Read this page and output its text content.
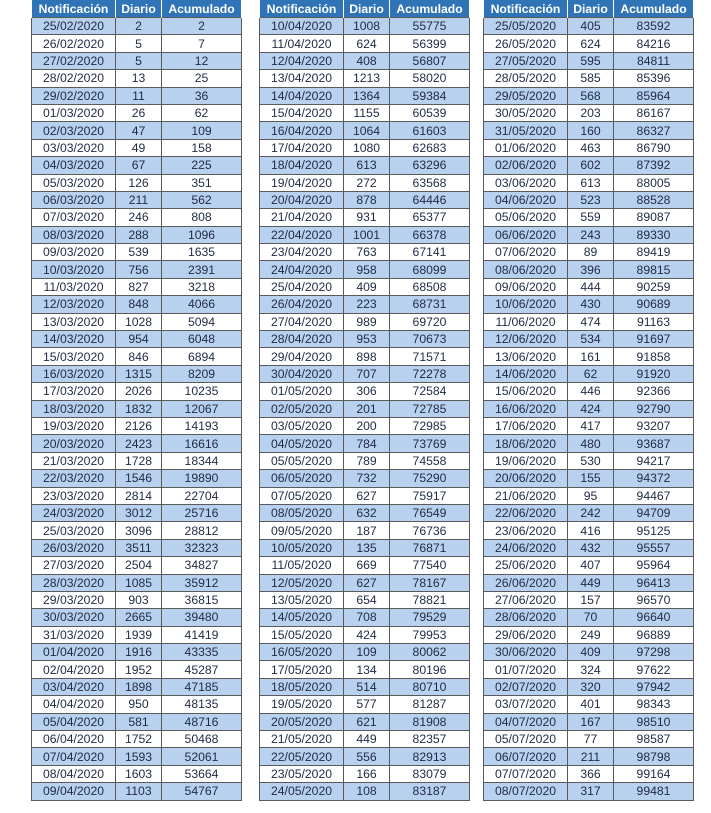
Notificación	Diario	Acumulado
25/02/2020	2	2
26/02/2020	5	7
27/02/2020	5	12
28/02/2020	13	25
29/02/2020	11	36
01/03/2020	26	62
02/03/2020	47	109
03/03/2020	49	158
04/03/2020	67	225
05/03/2020	126	351
06/03/2020	211	562
07/03/2020	246	808
08/03/2020	288	1096
09/03/2020	539	1635
10/03/2020	756	2391
11/03/2020	827	3218
12/03/2020	848	4066
13/03/2020	1028	5094
14/03/2020	954	6048
15/03/2020	846	6894
16/03/2020	1315	8209
17/03/2020	2026	10235
18/03/2020	1832	12067
19/03/2020	2126	14193
20/03/2020	2423	16616
21/03/2020	1728	18344
22/03/2020	1546	19890
23/03/2020	2814	22704
24/03/2020	3012	25716
25/03/2020	3096	28812
26/03/2020	3511	32323
27/03/2020	2504	34827
28/03/2020	1085	35912
29/03/2020	903	36815
30/03/2020	2665	39480
31/03/2020	1939	41419
01/04/2020	1916	43335
02/04/2020	1952	45287
03/04/2020	1898	47185
04/04/2020	950	48135
05/04/2020	581	48716
06/04/2020	1752	50468
07/04/2020	1593	52061
08/04/2020	1603	53664
09/04/2020	1103	54767
Notificación	Diario	Acumulado
10/04/2020	1008	55775
11/04/2020	624	56399
12/04/2020	408	56807
13/04/2020	1213	58020
14/04/2020	1364	59384
15/04/2020	1155	60539
16/04/2020	1064	61603
17/04/2020	1080	62683
18/04/2020	613	63296
19/04/2020	272	63568
20/04/2020	878	64446
21/04/2020	931	65377
22/04/2020	1001	66378
23/04/2020	763	67141
24/04/2020	958	68099
25/04/2020	409	68508
26/04/2020	223	68731
27/04/2020	989	69720
28/04/2020	953	70673
29/04/2020	898	71571
30/04/2020	707	72278
01/05/2020	306	72584
02/05/2020	201	72785
03/05/2020	200	72985
04/05/2020	784	73769
05/05/2020	789	74558
06/05/2020	732	75290
07/05/2020	627	75917
08/05/2020	632	76549
09/05/2020	187	76736
10/05/2020	135	76871
11/05/2020	669	77540
12/05/2020	627	78167
13/05/2020	654	78821
14/05/2020	708	79529
15/05/2020	424	79953
16/05/2020	109	80062
17/05/2020	134	80196
18/05/2020	514	80710
19/05/2020	577	81287
20/05/2020	621	81908
21/05/2020	449	82357
22/05/2020	556	82913
23/05/2020	166	83079
24/05/2020	108	83187
Notificación	Diario	Acumulado
25/05/2020	405	83592
26/05/2020	624	84216
27/05/2020	595	84811
28/05/2020	585	85396
29/05/2020	568	85964
30/05/2020	203	86167
31/05/2020	160	86327
01/06/2020	463	86790
02/06/2020	602	87392
03/06/2020	613	88005
04/06/2020	523	88528
05/06/2020	559	89087
06/06/2020	243	89330
07/06/2020	89	89419
08/06/2020	396	89815
09/06/2020	444	90259
10/06/2020	430	90689
11/06/2020	474	91163
12/06/2020	534	91697
13/06/2020	161	91858
14/06/2020	62	91920
15/06/2020	446	92366
16/06/2020	424	92790
17/06/2020	417	93207
18/06/2020	480	93687
19/06/2020	530	94217
20/06/2020	155	94372
21/06/2020	95	94467
22/06/2020	242	94709
23/06/2020	416	95125
24/06/2020	432	95557
25/06/2020	407	95964
26/06/2020	449	96413
27/06/2020	157	96570
28/06/2020	70	96640
29/06/2020	249	96889
30/06/2020	409	97298
01/07/2020	324	97622
02/07/2020	320	97942
03/07/2020	401	98343
04/07/2020	167	98510
05/07/2020	77	98587
06/07/2020	211	98798
07/07/2020	366	99164
08/07/2020	317	99481
